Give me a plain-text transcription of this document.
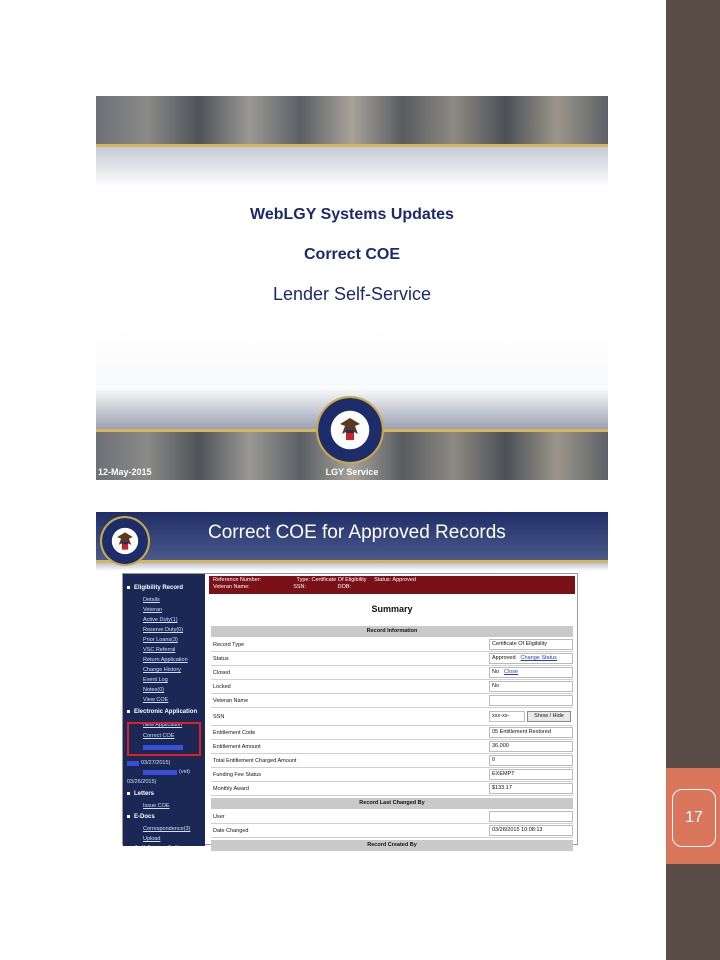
17
WebLGY Systems Updates
Correct COE
Lender Self-Service
12-May-2015	LGY Service
Correct COE for Approved Records
Eligibility Record
Details
Veteran
Active Duty(1)
Reserve Duty(0)
Prior Loans(3)
VSC Referral
Return Application
Change History
Event Log
Notes(0)
View COE
Electronic Application
New Application
Correct COE
03/27/2015)
(vet)
03/26/2015)
Letters
Issue COE
E-Docs
Correspondence(3)
Upload
Call Center Calls
Reference Number:	Type: Certificate Of Eligibility Status: Approved
Veteran Name:	SSN:	DOB:
Summary
Record Information
Record Type	Certificate Of Eligibility
Status	Approved Change Status
Closed	No Close
Locked	No
Veteran Name
SSN	xxx-xx-	Show / Hide
Entitlement Code	05 Entitlement Restored
Entitlement Amount	36,000
Total Entitlement Charged Amount	0
Funding Fee Status	EXEMPT
Monthly Award	$133.17
Record Last Changed By
User
Date Changed	03/28/2015 10:08:13
Record Created By
